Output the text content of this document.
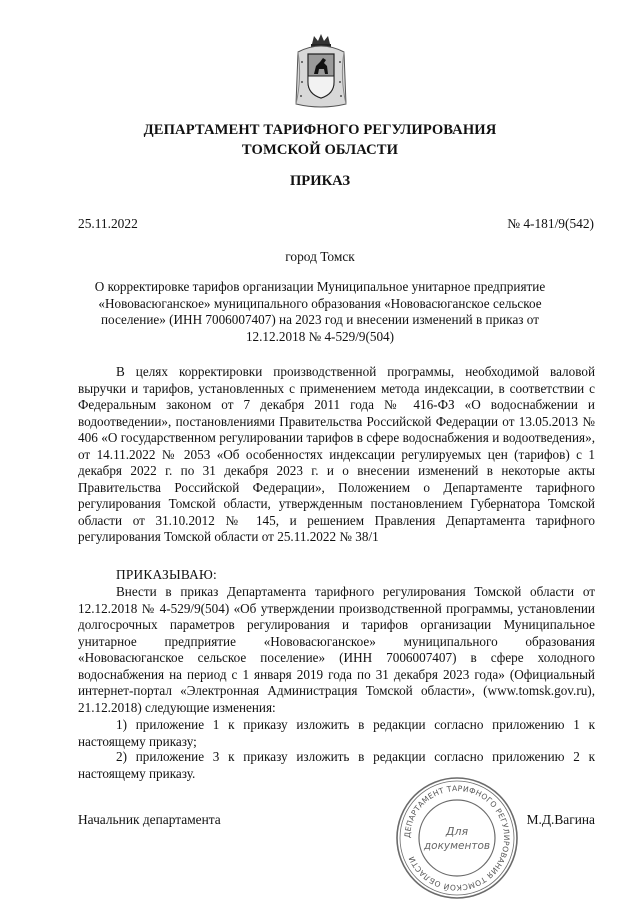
ДЕПАРТАМЕНТ ТАРИФНОГО РЕГУЛИРОВАНИЯ
ТОМСКОЙ ОБЛАСТИ
ПРИКАЗ
25.11.2022	№ 4-181/9(542)
город Томск
О корректировке тарифов организации Муниципальное унитарное предприятие «Нововасюганское» муниципального образования «Нововасюганское сельское поселение» (ИНН 7006007407) на 2023 год и внесении изменений в приказ от 12.12.2018 № 4-529/9(504)
В целях корректировки производственной программы, необходимой валовой выручки и тарифов, установленных с применением метода индексации, в соответствии с Федеральным законом от 7 декабря 2011 года № 416-ФЗ «О водоснабжении и водоотведении», постановлениями Правительства Российской Федерации от 13.05.2013 № 406 «О государственном регулировании тарифов в сфере водоснабжения и водоотведения», от 14.11.2022 № 2053 «Об особенностях индексации регулируемых цен (тарифов) с 1 декабря 2022 г. по 31 декабря 2023 г. и о внесении изменений в некоторые акты Правительства Российской Федерации», Положением о Департаменте тарифного регулирования Томской области, утвержденным постановлением Губернатора Томской области от 31.10.2012 № 145, и решением Правления Департамента тарифного регулирования Томской области от 25.11.2022 № 38/1
ПРИКАЗЫВАЮ:
Внести в приказ Департамента тарифного регулирования Томской области от 12.12.2018 № 4-529/9(504) «Об утверждении производственной программы, установлении долгосрочных параметров регулирования и тарифов организации Муниципальное унитарное предприятие «Нововасюганское» муниципального образования «Нововасюганское сельское поселение» (ИНН 7006007407) в сфере холодного водоснабжения на период с 1 января 2019 года по 31 декабря 2023 года» (Официальный интернет-портал «Электронная Администрация Томской области», (www.tomsk.gov.ru), 21.12.2018) следующие изменения:
1) приложение 1 к приказу изложить в редакции согласно приложению 1 к настоящему приказу;
2) приложение 3 к приказу изложить в редакции согласно приложению 2 к настоящему приказу.
Начальник департамента	М.Д.Вагина
ДЕПАРТАМЕНТ ТАРИФНОГО РЕГУЛИРОВАНИЯ ТОМСКОЙ ОБЛАСТИ
Для
документов
